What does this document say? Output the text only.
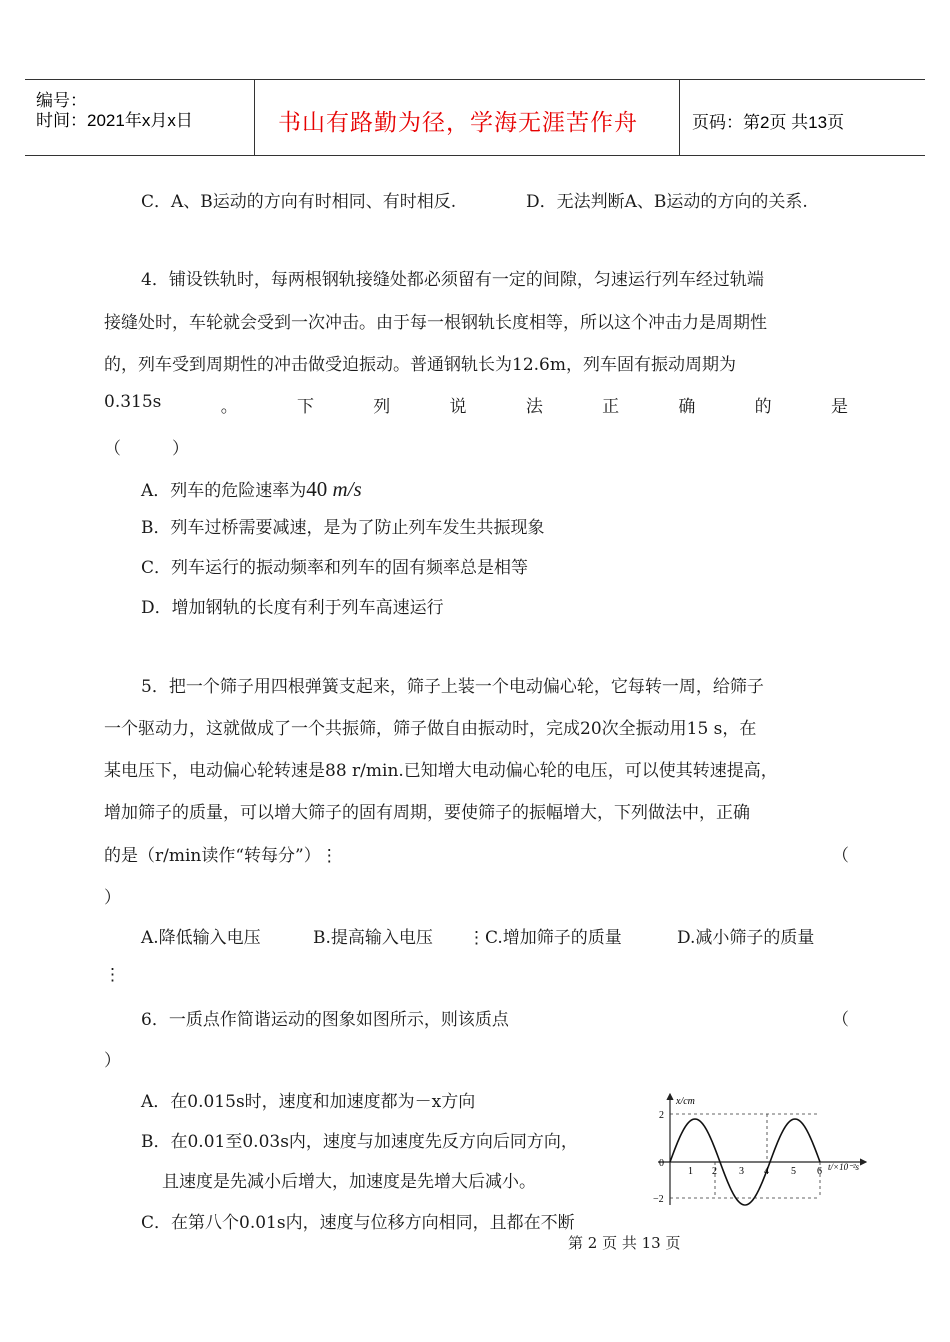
编号：
时间：2021年x月x日	书山有路勤为径，学海无涯苦作舟	页码：第2页 共13页
C．A、B运动的方向有时相同、有时相反.	D．无法判断A、B运动的方向的关系.
4．铺设铁轨时，每两根钢轨接缝处都必须留有一定的间隙，匀速运行列车经过轨端
接缝处时，车轮就会受到一次冲击。由于每一根钢轨长度相等，所以这个冲击力是周期性
的，列车受到周期性的冲击做受迫振动。普通钢轨长为12.6m，列车固有振动周期为
0.315s	。	下	列	说	法	正	确	的	是
（　　　）
A．列车的危险速率为40 m/s
B．列车过桥需要减速，是为了防止列车发生共振现象
C．列车运行的振动频率和列车的固有频率总是相等
D．增加钢轨的长度有利于列车高速运行
5．把一个筛子用四根弹簧支起来，筛子上装一个电动偏心轮，它每转一周，给筛子
一个驱动力，这就做成了一个共振筛，筛子做自由振动时，完成20次全振动用15 s，在
某电压下，电动偏心轮转速是88 r/min.已知增大电动偏心轮的电压，可以使其转速提高，
增加筛子的质量，可以增大筛子的固有周期，要使筛子的振幅增大，下列做法中，正确
的是（r/min读作“转每分”）⋮	（
）
A.降低输入电压	B.提高输入电压 ⋮C.增加筛子的质量	D.减小筛子的质量
⋮
6．一质点作简谐运动的图象如图所示，则该质点	（
）
A．在0.015s时，速度和加速度都为－x方向
B．在0.01至0.03s内，速度与加速度先反方向后同方向，
且速度是先减小后增大，加速度是先增大后减小。
C．在第八个0.01s内，速度与位移方向相同，且都在不断
x/cm
t/×10⁻²s
2
0
−2
1 2 3 4 5 6
第 2 页 共 13 页
